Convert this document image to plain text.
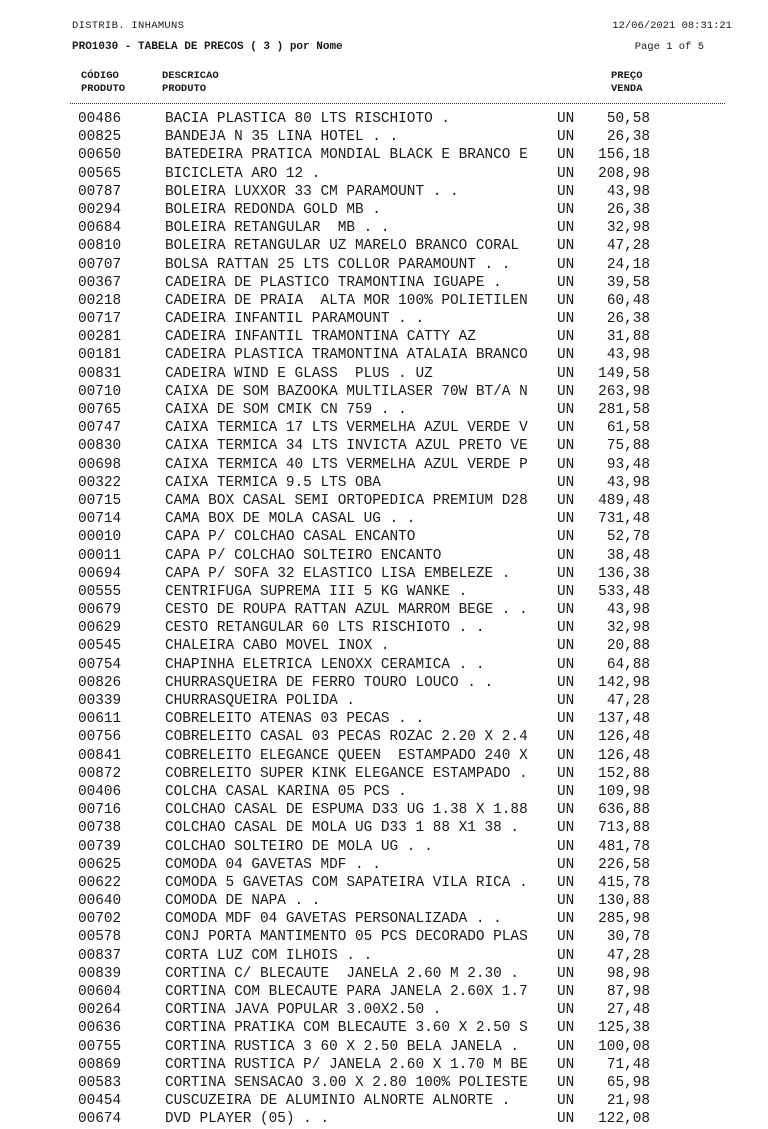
DISTRIB. INHAMUNS	12/06/2021 08:31:21
PRO1030 - TABELA DE PRECOS ( 3 ) por Nome	Page 1 of 5
CÓDIGO
PRODUTO
DESCRICAO
PRODUTO
PREÇO
VENDA
00486	BACIA PLASTICA 80 LTS RISCHIOTO .	UN	50,58
00825	BANDEJA N 35 LINA HOTEL . .	UN	26,38
00650	BATEDEIRA PRATICA MONDIAL BLACK E BRANCO E	UN	156,18
00565	BICICLETA ARO 12 .	UN	208,98
00787	BOLEIRA LUXXOR 33 CM PARAMOUNT . .	UN	43,98
00294	BOLEIRA REDONDA GOLD MB .	UN	26,38
00684	BOLEIRA RETANGULAR  MB . .	UN	32,98
00810	BOLEIRA RETANGULAR UZ MARELO BRANCO CORAL	UN	47,28
00707	BOLSA RATTAN 25 LTS COLLOR PARAMOUNT . .	UN	24,18
00367	CADEIRA DE PLASTICO TRAMONTINA IGUAPE .	UN	39,58
00218	CADEIRA DE PRAIA  ALTA MOR 100% POLIETILEN	UN	60,48
00717	CADEIRA INFANTIL PARAMOUNT . .	UN	26,38
00281	CADEIRA INFANTIL TRAMONTINA CATTY AZ	UN	31,88
00181	CADEIRA PLASTICA TRAMONTINA ATALAIA BRANCO	UN	43,98
00831	CADEIRA WIND E GLASS  PLUS . UZ	UN	149,58
00710	CAIXA DE SOM BAZOOKA MULTILASER 70W BT/A N	UN	263,98
00765	CAIXA DE SOM CMIK CN 759 . .	UN	281,58
00747	CAIXA TERMICA 17 LTS VERMELHA AZUL VERDE V	UN	61,58
00830	CAIXA TERMICA 34 LTS INVICTA AZUL PRETO VE	UN	75,88
00698	CAIXA TERMICA 40 LTS VERMELHA AZUL VERDE P	UN	93,48
00322	CAIXA TERMICA 9.5 LTS OBA	UN	43,98
00715	CAMA BOX CASAL SEMI ORTOPEDICA PREMIUM D28	UN	489,48
00714	CAMA BOX DE MOLA CASAL UG . .	UN	731,48
00010	CAPA P/ COLCHAO CASAL ENCANTO	UN	52,78
00011	CAPA P/ COLCHAO SOLTEIRO ENCANTO	UN	38,48
00694	CAPA P/ SOFA 32 ELASTICO LISA EMBELEZE .	UN	136,38
00555	CENTRIFUGA SUPREMA III 5 KG WANKE .	UN	533,48
00679	CESTO DE ROUPA RATTAN AZUL MARROM BEGE . .	UN	43,98
00629	CESTO RETANGULAR 60 LTS RISCHIOTO . .	UN	32,98
00545	CHALEIRA CABO MOVEL INOX .	UN	20,88
00754	CHAPINHA ELETRICA LENOXX CERAMICA . .	UN	64,88
00826	CHURRASQUEIRA DE FERRO TOURO LOUCO . .	UN	142,98
00339	CHURRASQUEIRA POLIDA .	UN	47,28
00611	COBRELEITO ATENAS 03 PECAS . .	UN	137,48
00756	COBRELEITO CASAL 03 PECAS ROZAC 2.20 X 2.4	UN	126,48
00841	COBRELEITO ELEGANCE QUEEN  ESTAMPADO 240 X	UN	126,48
00872	COBRELEITO SUPER KINK ELEGANCE ESTAMPADO .	UN	152,88
00406	COLCHA CASAL KARINA 05 PCS .	UN	109,98
00716	COLCHAO CASAL DE ESPUMA D33 UG 1.38 X 1.88	UN	636,88
00738	COLCHAO CASAL DE MOLA UG D33 1 88 X1 38 .	UN	713,88
00739	COLCHAO SOLTEIRO DE MOLA UG . .	UN	481,78
00625	COMODA 04 GAVETAS MDF . .	UN	226,58
00622	COMODA 5 GAVETAS COM SAPATEIRA VILA RICA .	UN	415,78
00640	COMODA DE NAPA . .	UN	130,88
00702	COMODA MDF 04 GAVETAS PERSONALIZADA . .	UN	285,98
00578	CONJ PORTA MANTIMENTO 05 PCS DECORADO PLAS	UN	30,78
00837	CORTA LUZ COM ILHOIS . .	UN	47,28
00839	CORTINA C/ BLECAUTE  JANELA 2.60 M 2.30 .	UN	98,98
00604	CORTINA COM BLECAUTE PARA JANELA 2.60X 1.7	UN	87,98
00264	CORTINA JAVA POPULAR 3.00X2.50 .	UN	27,48
00636	CORTINA PRATIKA COM BLECAUTE 3.60 X 2.50 S	UN	125,38
00755	CORTINA RUSTICA 3 60 X 2.50 BELA JANELA .	UN	100,08
00869	CORTINA RUSTICA P/ JANELA 2.60 X 1.70 M BE	UN	71,48
00583	CORTINA SENSACAO 3.00 X 2.80 100% POLIESTE	UN	65,98
00454	CUSCUZEIRA DE ALUMINIO ALNORTE ALNORTE .	UN	21,98
00674	DVD PLAYER (05) . .	UN	122,08
